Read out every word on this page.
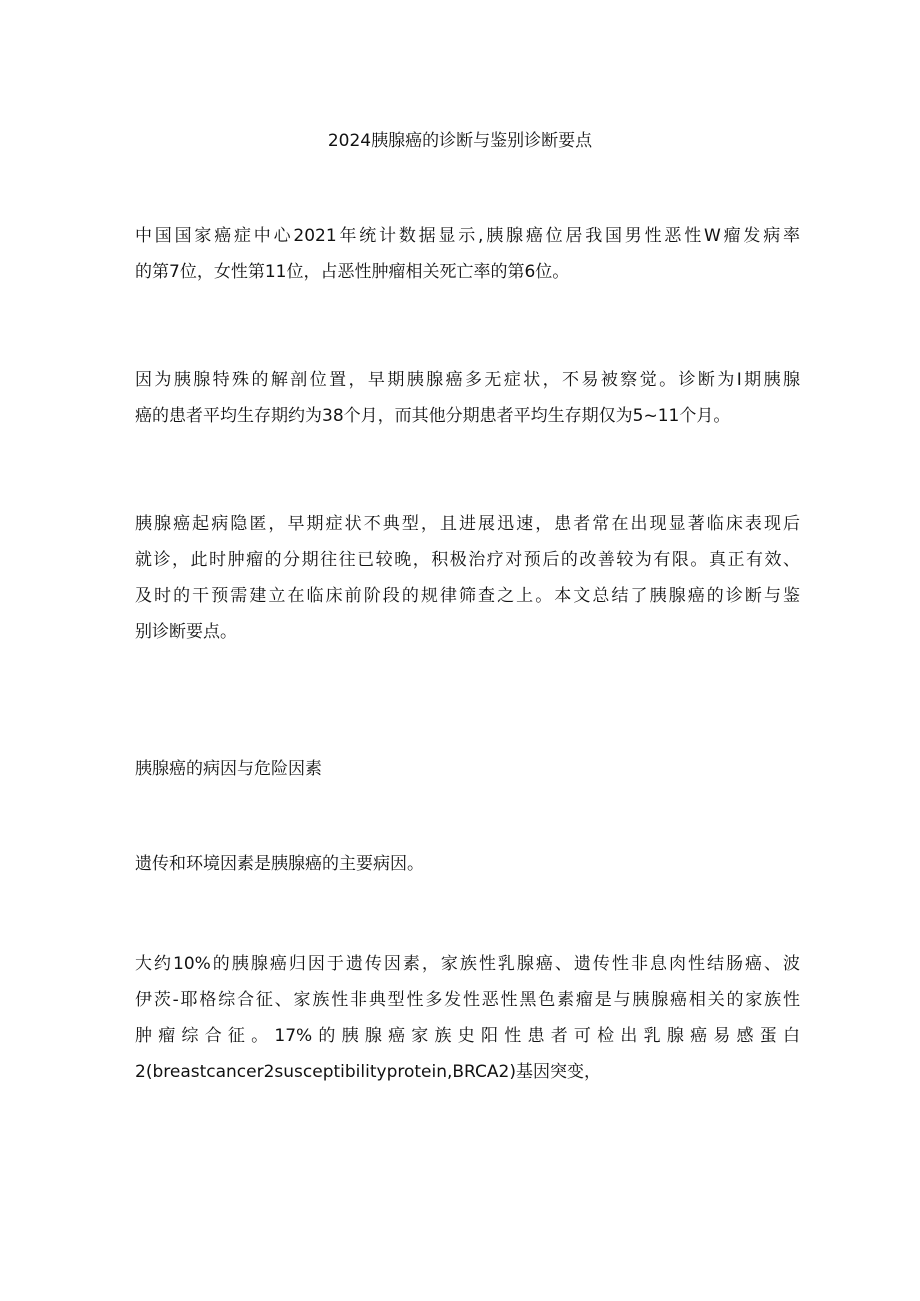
2024胰腺癌的诊断与鉴别诊断要点
中国国家癌症中心2021年统计数据显示,胰腺癌位居我国男性恶性W瘤发病率
的第7位，女性第11位，占恶性肿瘤相关死亡率的第6位。
因为胰腺特殊的解剖位置，早期胰腺癌多无症状，不易被察觉。诊断为I期胰腺
癌的患者平均生存期约为38个月，而其他分期患者平均生存期仅为5~11个月。
胰腺癌起病隐匿，早期症状不典型，且进展迅速，患者常在出现显著临床表现后
就诊，此时肿瘤的分期往往已较晚，积极治疗对预后的改善较为有限。真正有效、
及时的干预需建立在临床前阶段的规律筛查之上。本文总结了胰腺癌的诊断与鉴
别诊断要点。
胰腺癌的病因与危险因素
遗传和环境因素是胰腺癌的主要病因。
大约10%的胰腺癌归因于遗传因素，家族性乳腺癌、遗传性非息肉性结肠癌、波
伊茨-耶格综合征、家族性非典型性多发性恶性黑色素瘤是与胰腺癌相关的家族性
肿瘤综合征。17%的胰腺癌家族史阳性患者可检出乳腺癌易感蛋白
2(breastcancer2susceptibilityprotein,BRCA2)基因突变，
